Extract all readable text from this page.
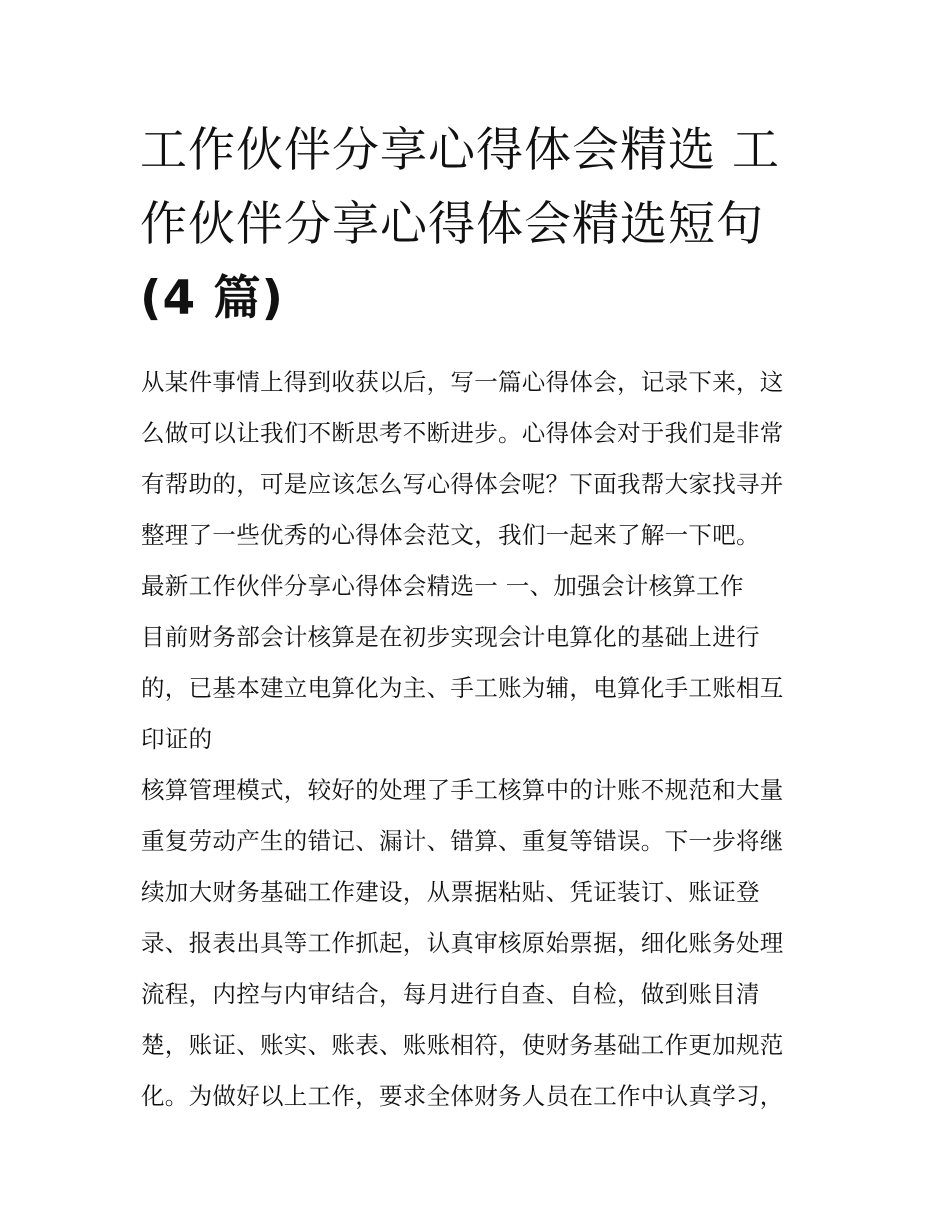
工作伙伴分享心得体会精选 工
作伙伴分享心得体会精选短句
(4 篇)
从某件事情上得到收获以后，写一篇心得体会，记录下来，这
么做可以让我们不断思考不断进步。心得体会对于我们是非常
有帮助的，可是应该怎么写心得体会呢？下面我帮大家找寻并
整理了一些优秀的心得体会范文，我们一起来了解一下吧。
最新工作伙伴分享心得体会精选一 一、加强会计核算工作
目前财务部会计核算是在初步实现会计电算化的基础上进行
的，已基本建立电算化为主、手工账为辅，电算化手工账相互
印证的
核算管理模式，较好的处理了手工核算中的计账不规范和大量
重复劳动产生的错记、漏计、错算、重复等错误。下一步将继
续加大财务基础工作建设，从票据粘贴、凭证装订、账证登
录、报表出具等工作抓起，认真审核原始票据，细化账务处理
流程，内控与内审结合，每月进行自查、自检，做到账目清
楚，账证、账实、账表、账账相符，使财务基础工作更加规范
化。为做好以上工作，要求全体财务人员在工作中认真学习，
